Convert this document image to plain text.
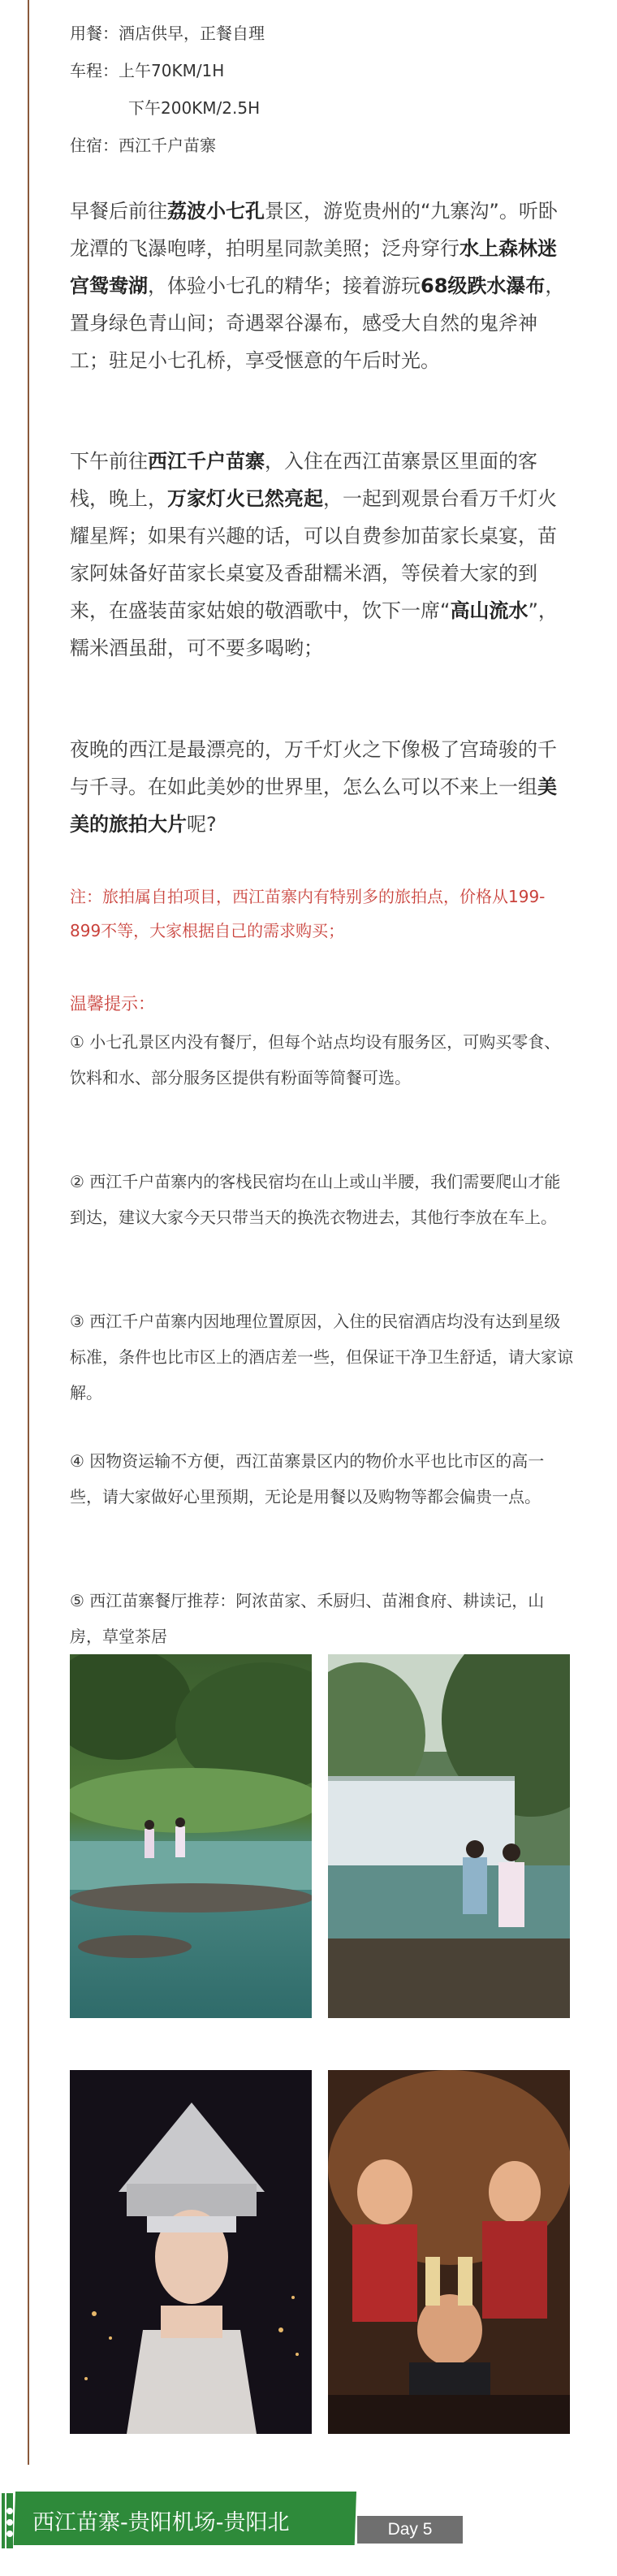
用餐：酒店供早，正餐自理
车程：上午70KM/1H
下午200KM/2.5H
住宿：西江千户苗寨

早餐后前往荔波小七孔景区，游览贵州的“九寨沟”。听卧龙潭的飞瀑咆哮，拍明星同款美照；泛舟穿行水上森林迷宫鸳鸯湖，体验小七孔的精华；接着游玩68级跌水瀑布，置身绿色青山间；奇遇翠谷瀑布，感受大自然的鬼斧神工；驻足小七孔桥，享受惬意的午后时光。

下午前往西江千户苗寨，入住在西江苗寨景区里面的客栈，晚上，万家灯火已然亮起，一起到观景台看万千灯火耀星辉；如果有兴趣的话，可以自费参加苗家长桌宴，苗家阿妹备好苗家长桌宴及香甜糯米酒，等侯着大家的到来，在盛装苗家姑娘的敬酒歌中，饮下一席“高山流水”，糯米酒虽甜，可不要多喝哟；

夜晚的西江是最漂亮的，万千灯火之下像极了宫琦骏的千与千寻。在如此美妙的世界里，怎么么可以不来上一组美美的旅拍大片呢?

注：旅拍属自拍项目，西江苗寨内有特别多的旅拍点，价格从199-899不等，大家根据自己的需求购买；

温馨提示：

① 小七孔景区内没有餐厅，但每个站点均设有服务区，可购买零食、饮料和水、部分服务区提供有粉面等简餐可选。

② 西江千户苗寨内的客栈民宿均在山上或山半腰，我们需要爬山才能到达，建议大家今天只带当天的换洗衣物进去，其他行李放在车上。

③ 西江千户苗寨内因地理位置原因，入住的民宿酒店均没有达到星级标准，条件也比市区上的酒店差一些，但保证干净卫生舒适，请大家谅解。

④ 因物资运输不方便，西江苗寨景区内的物价水平也比市区的高一些，请大家做好心里预期，无论是用餐以及购物等都会偏贵一点。

⑤ 西江苗寨餐厅推荐：阿浓苗家、禾厨归、苗湘食府、耕读记，山房，草堂茶居

西江苗寨-贵阳机场-贵阳北	Day 5
